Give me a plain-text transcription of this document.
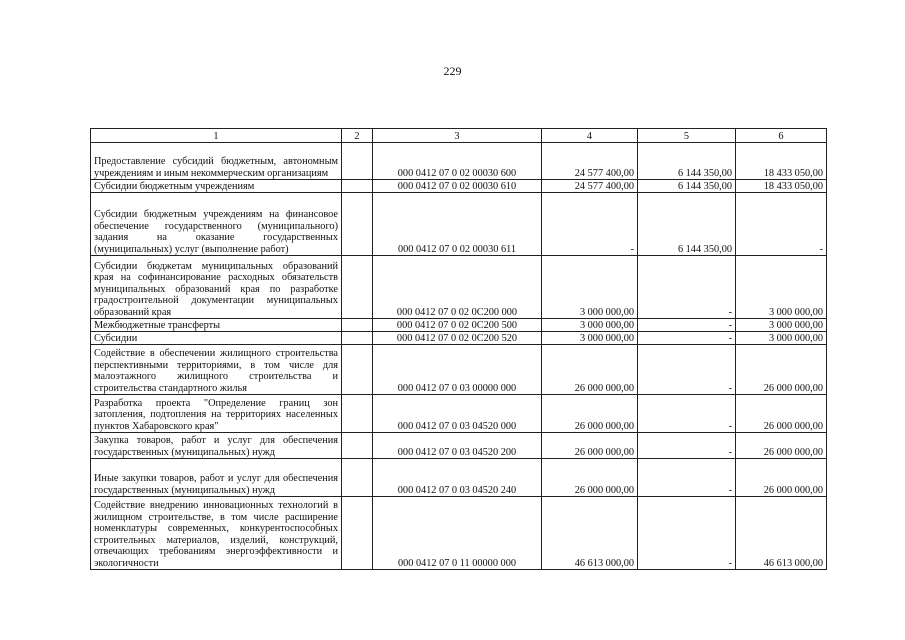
229
1	2	3	4	5	6
Предоставление субсидий бюджетным, автономным учреждениям и иным некоммерческим организациям		000 0412 07 0 02 00030 600	24 577 400,00	6 144 350,00	18 433 050,00
Субсидии бюджетным учреждениям		000 0412 07 0 02 00030 610	24 577 400,00	6 144 350,00	18 433 050,00
Субсидии бюджетным учреждениям на финансовое обеспечение государственного (муниципального) задания на оказание государственных (муниципальных) услуг (выполнение работ)		000 0412 07 0 02 00030 611	-	6 144 350,00	-
Субсидии бюджетам муниципальных образований края на софинансирование расходных обязательств муниципальных образований края по разработке градостроительной документации муниципальных образований края		000 0412 07 0 02 0С200 000	3 000 000,00	-	3 000 000,00
Межбюджетные трансферты		000 0412 07 0 02 0С200 500	3 000 000,00	-	3 000 000,00
Субсидии		000 0412 07 0 02 0С200 520	3 000 000,00	-	3 000 000,00
Содействие в обеспечении жилищного строительства перспективными территориями, в том числе для малоэтажного жилищного строительства и строительства стандартного жилья		000 0412 07 0 03 00000 000	26 000 000,00	-	26 000 000,00
Разработка проекта "Определение границ зон затопления, подтопления на территориях населенных пунктов Хабаровского края"		000 0412 07 0 03 04520 000	26 000 000,00	-	26 000 000,00
Закупка товаров, работ и услуг для обеспечения государственных (муниципальных) нужд		000 0412 07 0 03 04520 200	26 000 000,00	-	26 000 000,00
Иные закупки товаров, работ и услуг для обеспечения государственных (муниципальных) нужд		000 0412 07 0 03 04520 240	26 000 000,00	-	26 000 000,00
Содействие внедрению инновационных технологий в жилищном строительстве, в том числе расширение номенклатуры современных, конкурентоспособных строительных материалов, изделий, конструкций, отвечающих требованиям энергоэффективности и экологичности		000 0412 07 0 11 00000 000	46 613 000,00	-	46 613 000,00
